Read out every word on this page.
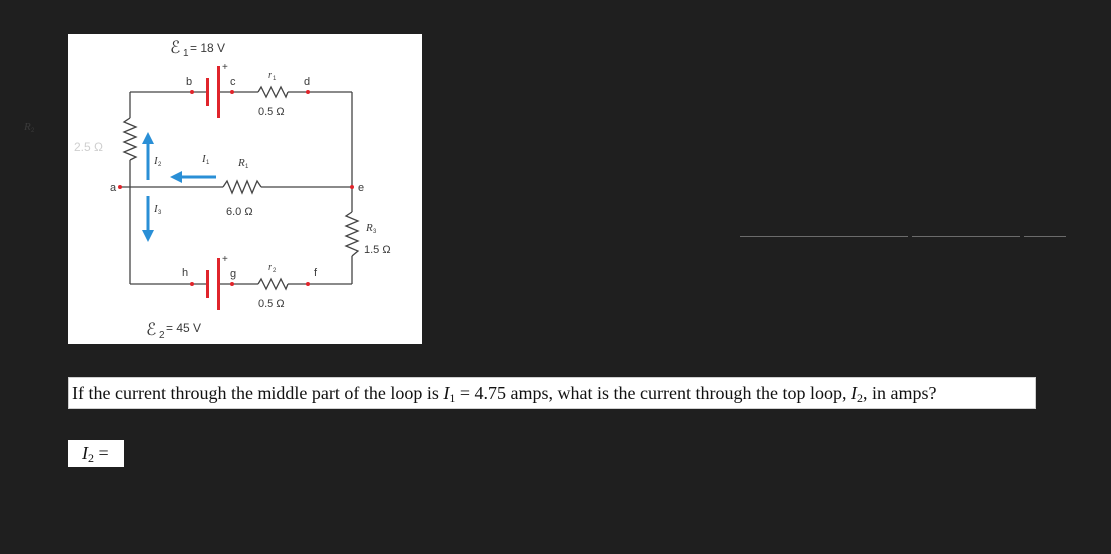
ℰ 1 = 18 V
+
ℰ 2
= 45 V
+
b	c	d
a	e
h	g	f
r 1
0.5 Ω
r 2
0.5 Ω
R 1
6.0 Ω
R 2
R 3
1.5 Ω
I 2	I 1
I 3
2.5 Ω
If the current through the middle part of the loop is $I_1 = 4.75$ amps, what is the current through the top loop, $I_2$, in amps?
$I_2$ =
